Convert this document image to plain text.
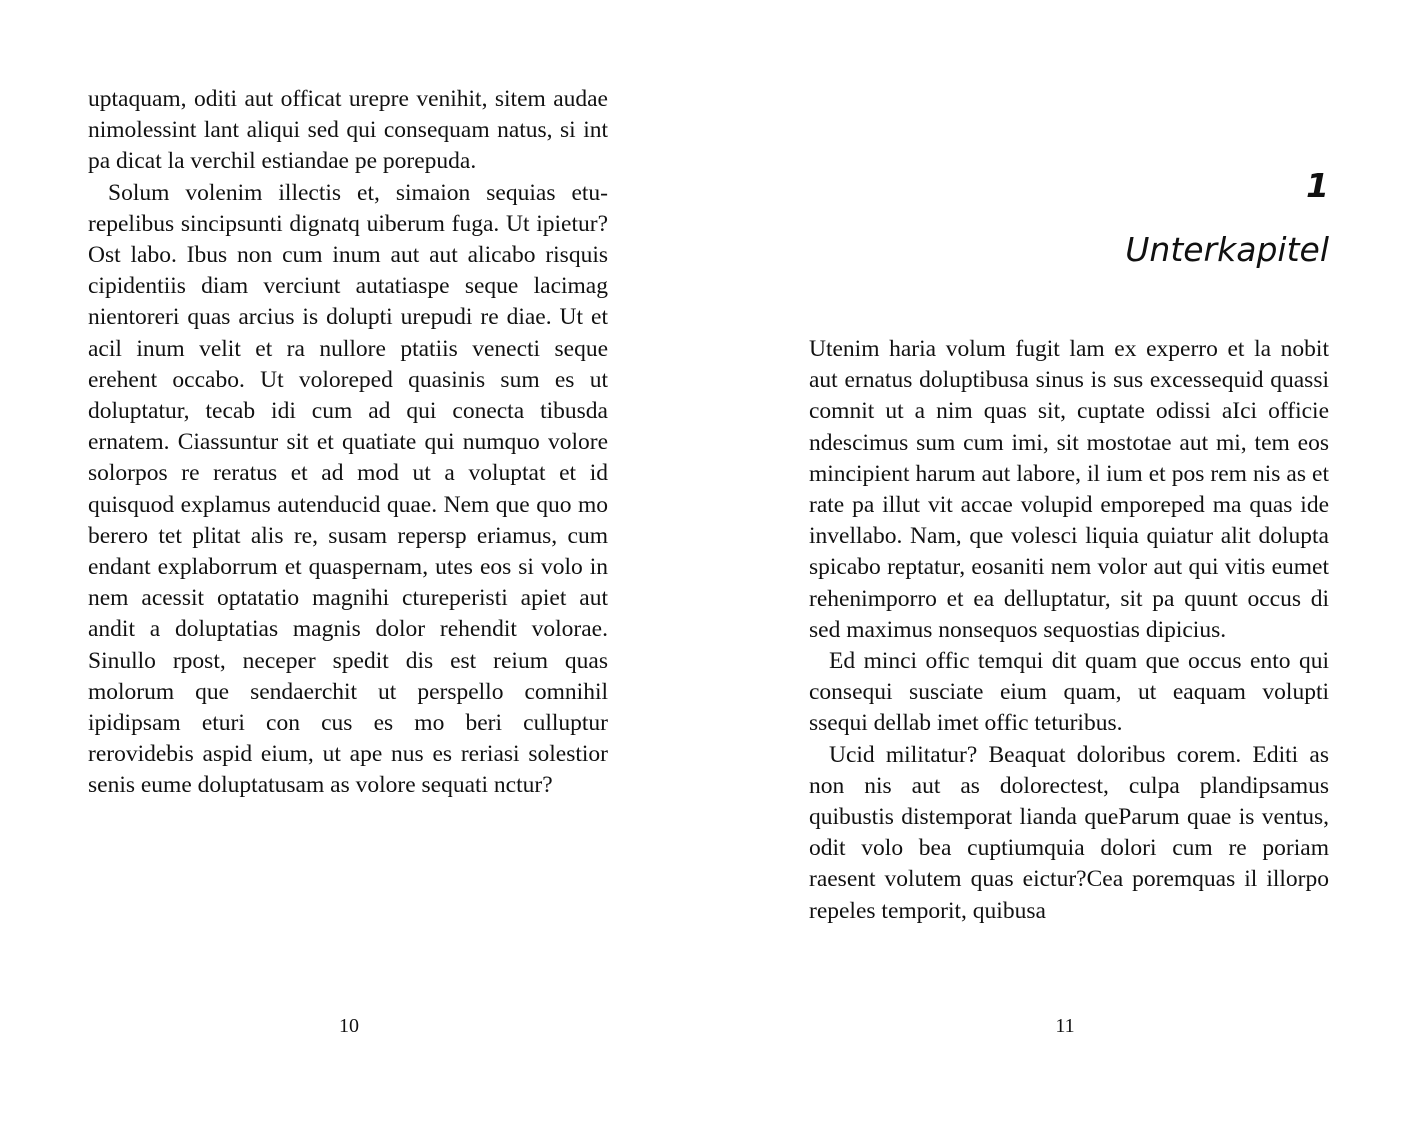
uptaquam, oditi aut officat urepre venihit, sitem audae nimolessint lant aliqui sed qui consequam natus, si int pa dicat la verchil estiandae pe porepuda.

Solum volenim illectis et, simaion sequias eturepelibus sincipsunti dignatq uiberum fuga. Ut ipietur? Ost labo. Ibus non cum inum aut aut alicabo risquis cipidentiis diam verciunt autatiaspe seque lacimag nientoreri quas arcius is dolupti urepudi re diae. Ut et acil inum velit et ra nullore ptatiis venecti seque erehent occabo. Ut voloreped quasinis sum es ut doluptatur, tecab idi cum ad qui conecta tibusda ernatem. Ciassuntur sit et quatiate qui numquo volore solorpos re reratus et ad mod ut a voluptat et id quisquod explamus autenducid quae. Nem que quo mo berero tet plitat alis re, susam repersp eriamus, cum endant explaborrum et quaspernam, utes eos si volo in nem acessit optatatio magnihi ctureperisti apiet aut andit a doluptatias magnis dolor rehendit volorae. Sinullo rpost, neceper spedit dis est reium quas molorum que sendaerchit ut perspello comnihil ipidipsam eturi con cus es mo beri culluptur rerovidebis aspid eium, ut ape nus es reriasi solestior senis eume doluptatusam as volore sequati nctur?

10
1
Unterkapitel

Utenim haria volum fugit lam ex experro et la nobit aut ernatus doluptibusa sinus is sus excessequid quassi comnit ut a nim quas sit, cuptate odissi aIci officie ndescimus sum cum imi, sit mostotae aut mi, tem eos mincipient harum aut labore, il ium et pos rem nis as et rate pa illut vit accae volupid emporeped ma quas ide invellabo. Nam, que volesci liquia quiatur alit dolupta spicabo reptatur, eosaniti nem volor aut qui vitis eumet rehenimporro et ea delluptatur, sit pa quunt occus di sed maximus nonsequos sequostias dipicius.

Ed minci offic temqui dit quam que occus ento qui consequi susciate eium quam, ut eaquam volupti ssequi dellab imet offic teturibus.

Ucid militatur? Beaquat doloribus corem. Editi as non nis aut as dolorectest, culpa plandipsamus quibustis distemporat lianda queParum quae is ventus, odit volo bea cuptiumquia dolori cum re poriam raesent volutem quas eictur?Cea poremquas il illorpo repeles temporit, quibusa

11
